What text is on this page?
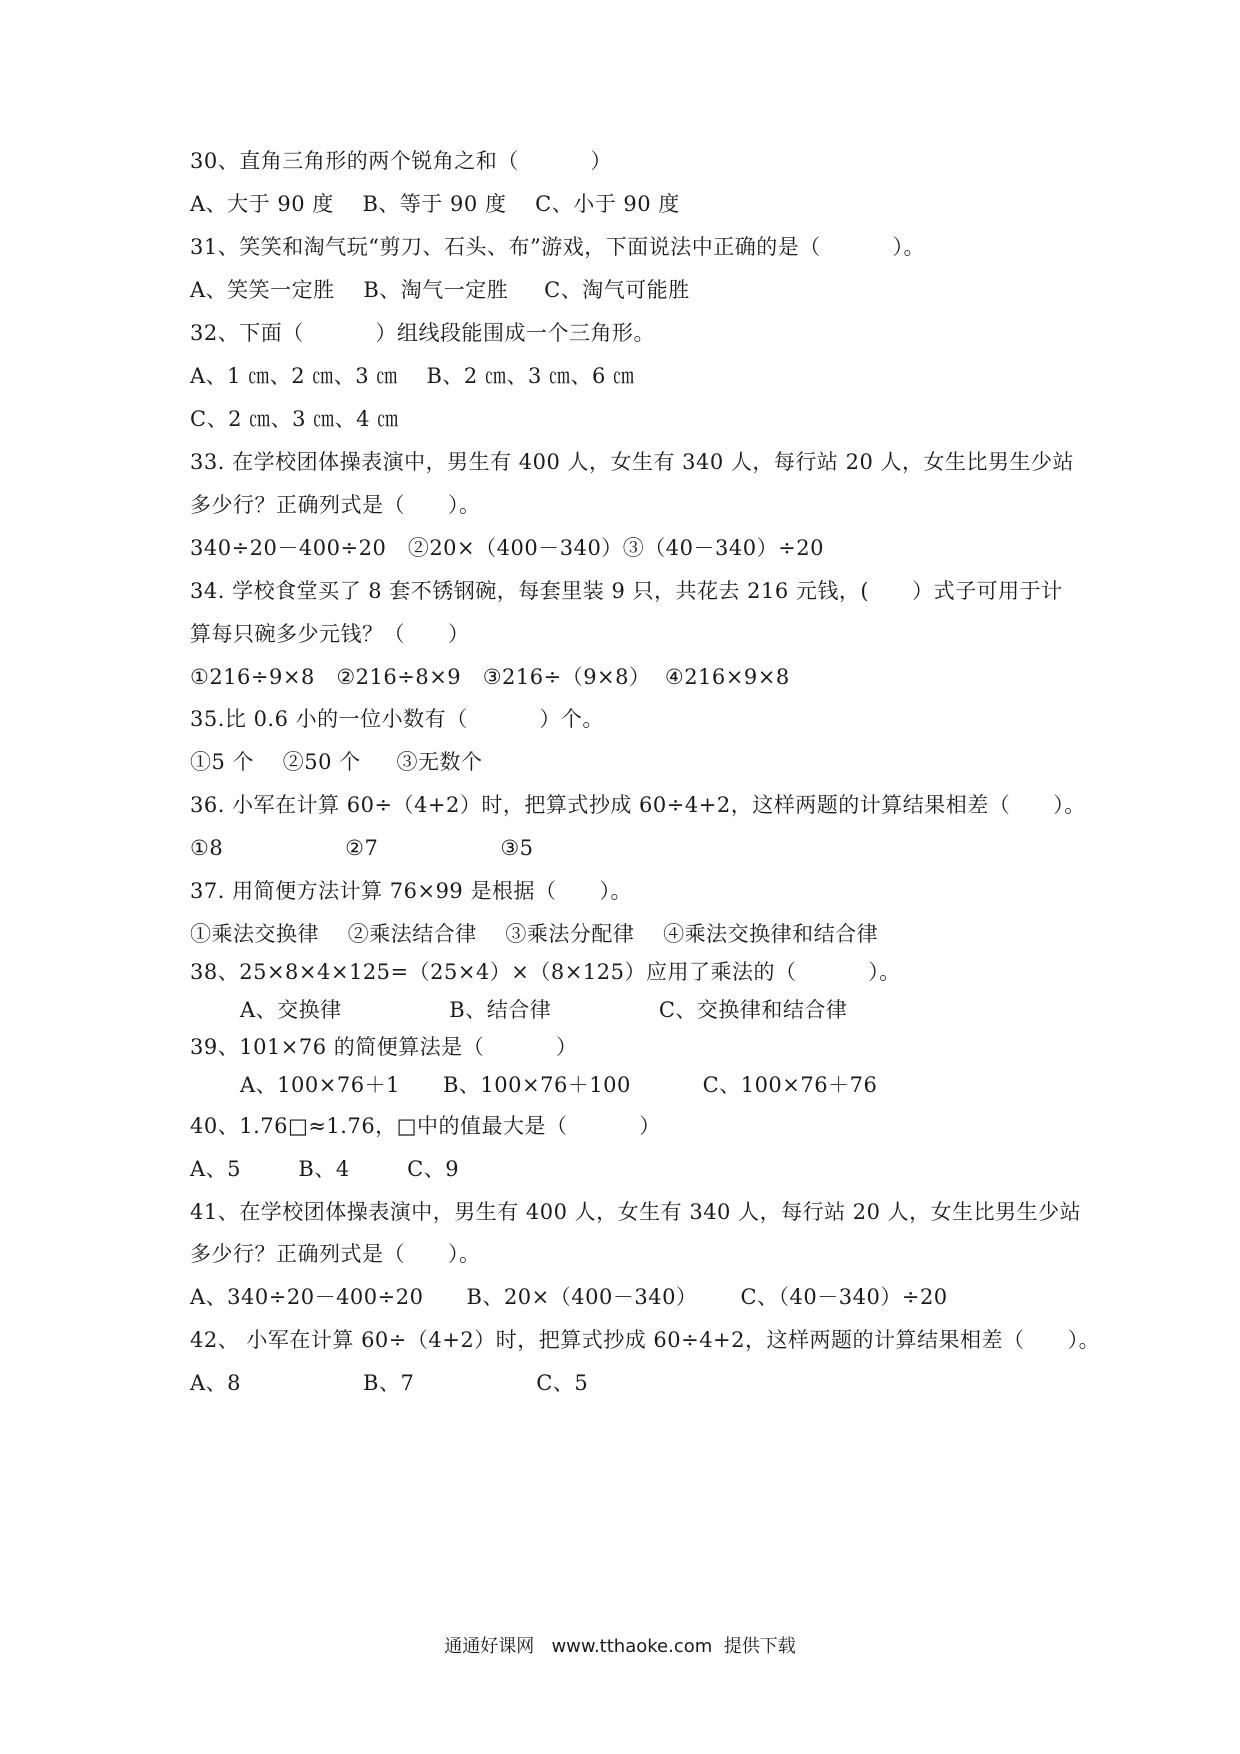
30、直角三角形的两个锐角之和（          ）
A、大于 90 度    B、等于 90 度    C、小于 90 度
31、笑笑和淘气玩“剪刀、石头、布”游戏，下面说法中正确的是（          ）。
A、笑笑一定胜    B、淘气一定胜     C、淘气可能胜
32、下面（          ）组线段能围成一个三角形。
A、1 ㎝、2 ㎝、3 ㎝    B、2 ㎝、3 ㎝、6 ㎝
C、2 ㎝、3 ㎝、4 ㎝
33. 在学校团体操表演中，男生有 400 人，女生有 340 人，每行站 20 人，女生比男生少站
多少行？正确列式是（      ）。
340÷20－400÷20   ②20×（400－340）③（40－340）÷20
34. 学校食堂买了 8 套不锈钢碗，每套里装 9 只，共花去 216 元钱，(      ）式子可用于计
算每只碗多少元钱？（      ）
①216÷9×8   ②216÷8×9   ③216÷（9×8）  ④216×9×8
35.比 0.6 小的一位小数有（          ）个。
①5 个    ②50 个     ③无数个
36. 小军在计算 60÷（4+2）时，把算式抄成 60÷4+2，这样两题的计算结果相差（      ）。
①8                 ②7                 ③5
37. 用简便方法计算 76×99 是根据（      ）。
①乘法交换律    ②乘法结合律    ③乘法分配律    ④乘法交换律和结合律
38、25×8×4×125=（25×4）×（8×125）应用了乘法的（          ）。
A、交换律               B、结合律               C、交换律和结合律
39、101×76 的简便算法是（          ）
A、100×76＋1      B、100×76＋100          C、100×76＋76
40、1.76□≈1.76，□中的值最大是（          ）
A、5        B、4        C、9
41、在学校团体操表演中，男生有 400 人，女生有 340 人，每行站 20 人，女生比男生少站
多少行？正确列式是（      ）。
A、340÷20－400÷20      B、20×（400－340）      C、（40－340）÷20
42、 小军在计算 60÷（4+2）时，把算式抄成 60÷4+2，这样两题的计算结果相差（      ）。
A、8                 B、7                 C、5
通通好课网   www.tthaoke.com  提供下载
